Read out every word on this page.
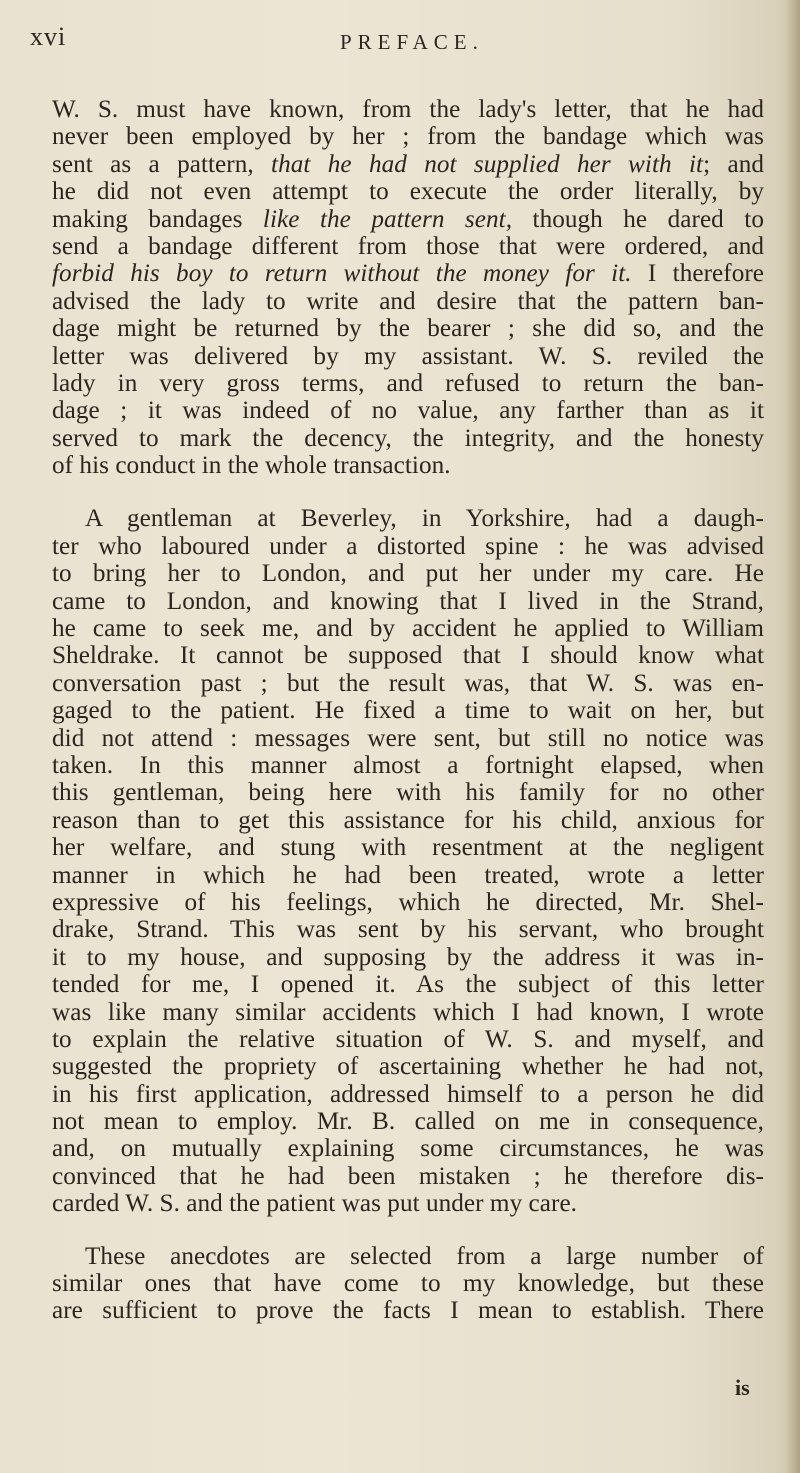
xvi	PREFACE.
W. S. must have known, from the lady's letter, that he had
never been employed by her ; from the bandage which was
sent as a pattern, that he had not supplied her with it; and
he did not even attempt to execute the order literally, by
making bandages like the pattern sent, though he dared to
send a bandage different from those that were ordered, and
forbid his boy to return without the money for it. I therefore
advised the lady to write and desire that the pattern ban-
dage might be returned by the bearer ; she did so, and the
letter was delivered by my assistant. W. S. reviled the
lady in very gross terms, and refused to return the ban-
dage ; it was indeed of no value, any farther than as it
served to mark the decency, the integrity, and the honesty
of his conduct in the whole transaction.
A gentleman at Beverley, in Yorkshire, had a daugh-
ter who laboured under a distorted spine : he was advised
to bring her to London, and put her under my care. He
came to London, and knowing that I lived in the Strand,
he came to seek me, and by accident he applied to William
Sheldrake. It cannot be supposed that I should know what
conversation past ; but the result was, that W. S. was en-
gaged to the patient. He fixed a time to wait on her, but
did not attend : messages were sent, but still no notice was
taken. In this manner almost a fortnight elapsed, when
this gentleman, being here with his family for no other
reason than to get this assistance for his child, anxious for
her welfare, and stung with resentment at the negligent
manner in which he had been treated, wrote a letter
expressive of his feelings, which he directed, Mr. Shel-
drake, Strand. This was sent by his servant, who brought
it to my house, and supposing by the address it was in-
tended for me, I opened it. As the subject of this letter
was like many similar accidents which I had known, I wrote
to explain the relative situation of W. S. and myself, and
suggested the propriety of ascertaining whether he had not,
in his first application, addressed himself to a person he did
not mean to employ. Mr. B. called on me in consequence,
and, on mutually explaining some circumstances, he was
convinced that he had been mistaken ; he therefore dis-
carded W. S. and the patient was put under my care.
These anecdotes are selected from a large number of
similar ones that have come to my knowledge, but these
are sufficient to prove the facts I mean to establish. There
is
